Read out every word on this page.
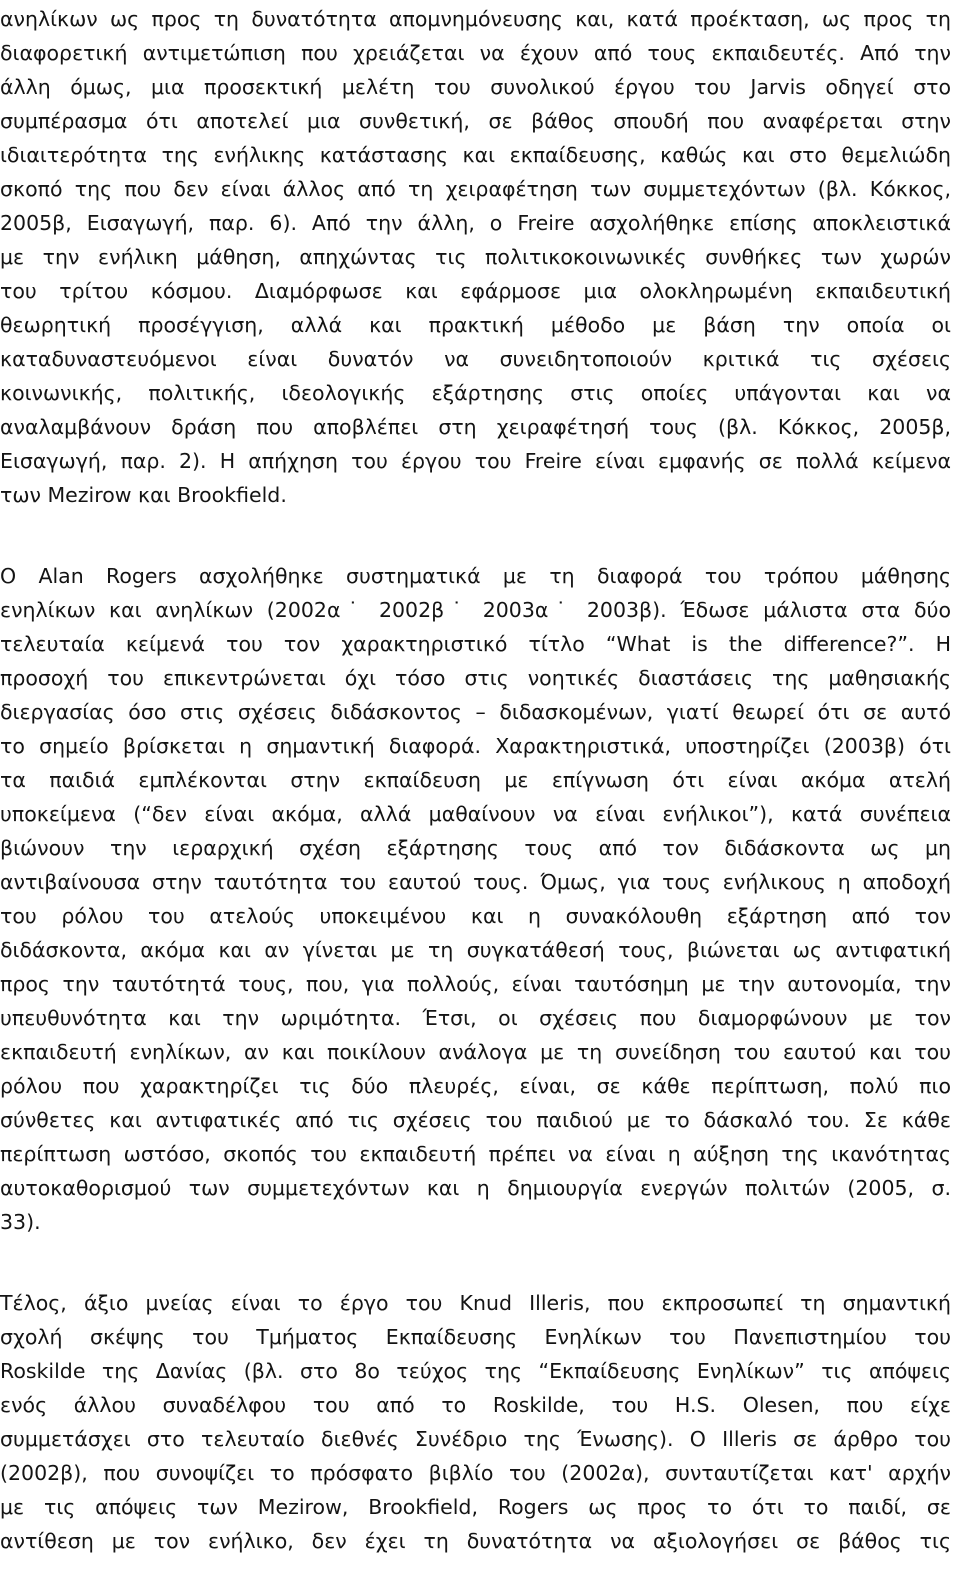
ανηλίκων ως προς τη δυνατότητα απομνημόνευσης και, κατά προέκταση, ως προς τη
διαφορετική αντιμετώπιση που χρειάζεται να έχουν από τους εκπαιδευτές. Από την
άλλη όμως, μια προσεκτική μελέτη του συνολικού έργου του Jarvis οδηγεί στο
συμπέρασμα ότι αποτελεί μια συνθετική, σε βάθος σπουδή που αναφέρεται στην
ιδιαιτερότητα της ενήλικης κατάστασης και εκπαίδευσης, καθώς και στο θεμελιώδη
σκοπό της που δεν είναι άλλος από τη χειραφέτηση των συμμετεχόντων (βλ. Κόκκος,
2005β, Εισαγωγή, παρ. 6). Από την άλλη, ο Freire ασχολήθηκε επίσης αποκλειστικά
με την ενήλικη μάθηση, απηχώντας τις πολιτικοκοινωνικές συνθήκες των χωρών
του τρίτου κόσμου. Διαμόρφωσε και εφάρμοσε μια ολοκληρωμένη εκπαιδευτική
θεωρητική προσέγγιση, αλλά και πρακτική μέθοδο με βάση την οποία οι
καταδυναστευόμενοι είναι δυνατόν να συνειδητοποιούν κριτικά τις σχέσεις
κοινωνικής, πολιτικής, ιδεολογικής εξάρτησης στις οποίες υπάγονται και να
αναλαμβάνουν δράση που αποβλέπει στη χειραφέτησή τους (βλ. Κόκκος, 2005β,
Εισαγωγή, παρ. 2). Η απήχηση του έργου του Freire είναι εμφανής σε πολλά κείμενα
των Mezirow και Brookfield.
Ο Alan Rogers ασχολήθηκε συστηματικά με τη διαφορά του τρόπου μάθησης
ενηλίκων και ανηλίκων (2002α˙ 2002β˙ 2003α˙ 2003β). Έδωσε μάλιστα στα δύο
τελευταία κείμενά του τον χαρακτηριστικό τίτλο “What is the difference?”. Η
προσοχή του επικεντρώνεται όχι τόσο στις νοητικές διαστάσεις της μαθησιακής
διεργασίας όσο στις σχέσεις διδάσκοντος – διδασκομένων, γιατί θεωρεί ότι σε αυτό
το σημείο βρίσκεται η σημαντική διαφορά. Χαρακτηριστικά, υποστηρίζει (2003β) ότι
τα παιδιά εμπλέκονται στην εκπαίδευση με επίγνωση ότι είναι ακόμα ατελή
υποκείμενα (“δεν είναι ακόμα, αλλά μαθαίνουν να είναι ενήλικοι”), κατά συνέπεια
βιώνουν την ιεραρχική σχέση εξάρτησης τους από τον διδάσκοντα ως μη
αντιβαίνουσα στην ταυτότητα του εαυτού τους. Όμως, για τους ενήλικους η αποδοχή
του ρόλου του ατελούς υποκειμένου και η συνακόλουθη εξάρτηση από τον
διδάσκοντα, ακόμα και αν γίνεται με τη συγκατάθεσή τους, βιώνεται ως αντιφατική
προς την ταυτότητά τους, που, για πολλούς, είναι ταυτόσημη με την αυτονομία, την
υπευθυνότητα και την ωριμότητα. Έτσι, οι σχέσεις που διαμορφώνουν με τον
εκπαιδευτή ενηλίκων, αν και ποικίλουν ανάλογα με τη συνείδηση του εαυτού και του
ρόλου που χαρακτηρίζει τις δύο πλευρές, είναι, σε κάθε περίπτωση, πολύ πιο
σύνθετες και αντιφατικές από τις σχέσεις του παιδιού με το δάσκαλό του. Σε κάθε
περίπτωση ωστόσο, σκοπός του εκπαιδευτή πρέπει να είναι η αύξηση της ικανότητας
αυτοκαθορισμού των συμμετεχόντων και η δημιουργία ενεργών πολιτών (2005, σ.
33).
Τέλος, άξιο μνείας είναι το έργο του Knud Illeris, που εκπροσωπεί τη σημαντική
σχολή σκέψης του Τμήματος Εκπαίδευσης Ενηλίκων του Πανεπιστημίου του
Roskilde της Δανίας (βλ. στο 8ο τεύχος της “Εκπαίδευσης Ενηλίκων” τις απόψεις
ενός άλλου συναδέλφου του από το Roskilde, του H.S. Olesen, που είχε
συμμετάσχει στο τελευταίο διεθνές Συνέδριο της Ένωσης). Ο Illeris σε άρθρο του
(2002β), που συνοψίζει το πρόσφατο βιβλίο του (2002α), συνταυτίζεται κατ' αρχήν
με τις απόψεις των Mezirow, Brookfield, Rogers ως προς το ότι το παιδί, σε
αντίθεση με τον ενήλικο, δεν έχει τη δυνατότητα να αξιολογήσει σε βάθος τις
